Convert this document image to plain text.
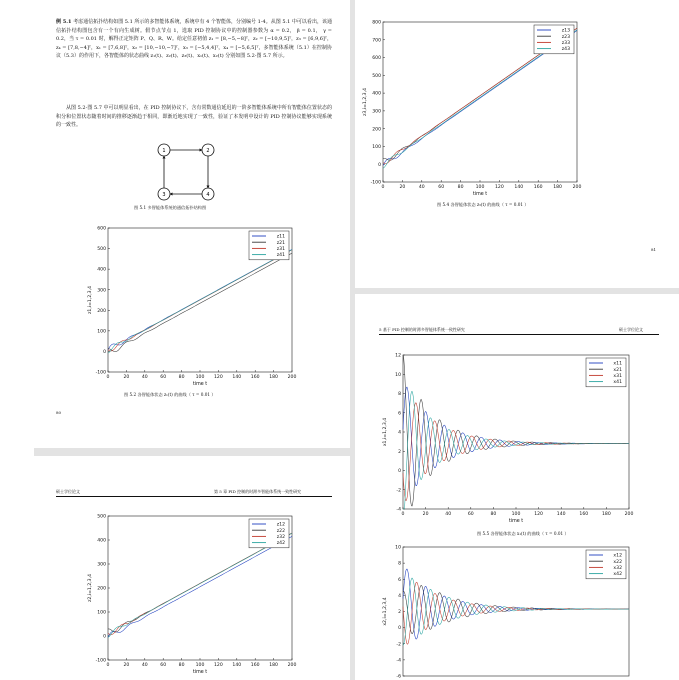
例 5.1 考虑通信拓扑结构如图 5.1 所示的多智能体系统，系统中有 4 个智能体，分别编号 1-4。从图 5.1 中可以看出，该通信拓扑结构图包含有一个有向生成树。假节点节点 1，选取 PID 控制协议中的控制器参数为 α = 0.2， β = 0.1， γ = 0.2，当 τ = 0.01 时，解得正定矩阵 P、Q、R、W。给定任意初值 z₁ = [8,−5,−8]ᵀ，z₂ = [−10,9,5]ᵀ，z₃ = [6,9,6]ᵀ，z₄ = [7,8,−4]ᵀ，x₁ = [7,6,8]ᵀ，x₂ = [10,−10,−7]ᵀ，x₃ = [−5,4,4]ᵀ，x₄ = [−5,6,5]ᵀ，多智能体系统（5.1）在控制协议（5.3）的作用下，各智能体的状态曲线 z₁(t)、z₂(t)、z₃(t)、x₁(t)、x₂(t) 分别如图 5.2-图 5.7 所示。
从图 5.2-图 5.7 中可以明显看出，在 PID 控制协议下，含有常数通信延迟的一阶多智能体系统中所有智能体位置状态的积分和位置状态随着时间的推移逐渐趋于相同，即渐近地实现了一致性，验证了本发明中设计的 PID 控制协议能够实现系统的一致性。
1	2
3	4
图 5.1 多智能体系统的通信拓扑结构图
0	20	40	60	80 100 120 140 160 180 200
-100
0
100
200
300
400
500
600
time t
z1,i=1,2,3,4
z11
z21
z31
z41
图 5.2 各智能体状态 z₁(t) 的曲线（ τ = 0.01 ）
80
0	20	40	60	80	100 120 140 160 180 200
-100
0
100
200
300
400
500
600
700
800
time t
z3,i=1,2,3,4
z13
z23
z33
z43
图 5.4 各智能体状态 z₃(t) 的曲线（ τ = 0.01 ）
81
硕士学位论文	第 5 章 PID 控制的时滞多智能体系统一致性研究
0	20	40	60	80 100 120 140 160 180 200
-100
0
100
200
300
400
500
time t
z2,i=1,2,3,4
z12
z22
z32
z42
5 基于 PID 控制的时滞多智能体系统一致性研究	硕士学位论文
0	20	40	60	80	100	120	140	160	180	200
-4
-2
0
2
4
6
8
10
12
time t
x1,i=1,2,3,4
x11
x21
x31
x41
图 5.5 各智能体状态 x₁(t) 的曲线（ τ = 0.01 ）
-6
-4
-2
0
2
4
6
8
10
x2,i=1,2,3,4
x12
x22
x32
x42
